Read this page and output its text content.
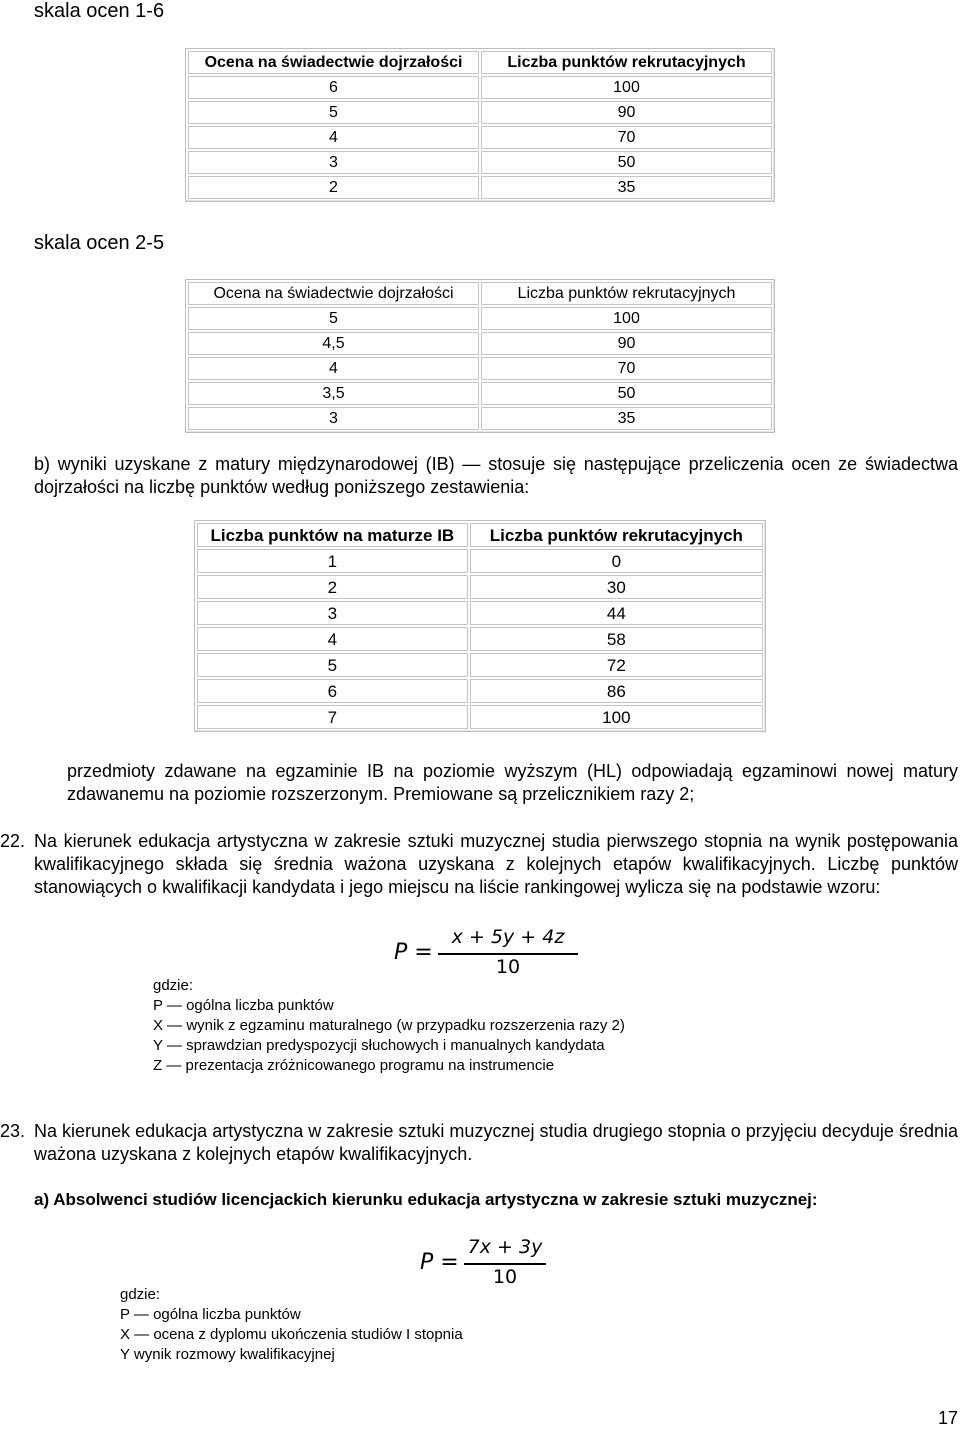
skala ocen 1-6
Ocena na świadectwie dojrzałości	Liczba punktów rekrutacyjnych
6	100
5	90
4	70
3	50
2	35
skala ocen 2-5
Ocena na świadectwie dojrzałości	Liczba punktów rekrutacyjnych
5	100
4,5	90
4	70
3,5	50
3	35
b) wyniki uzyskane z matury międzynarodowej (IB) — stosuje się następujące przeliczenia ocen ze świadectwa dojrzałości na liczbę punktów według poniższego zestawienia:
Liczba punktów na maturze IB	Liczba punktów rekrutacyjnych
1	0
2	30
3	44
4	58
5	72
6	86
7	100
przedmioty zdawane na egzaminie IB na poziomie wyższym (HL) odpowiadają egzaminowi nowej matury zdawanemu na poziomie rozszerzonym. Premiowane są przelicznikiem razy 2;
22. Na kierunek edukacja artystyczna w zakresie sztuki muzycznej studia pierwszego stopnia na wynik postępowania kwalifikacyjnego składa się średnia ważona uzyskana z kolejnych etapów kwalifikacyjnych. Liczbę punktów stanowiących o kwalifikacji kandydata i jego miejscu na liście rankingowej wylicza się na podstawie wzoru:

P =
x + 5y + 4z
10
gdzie:
P — ogólna liczba punktów
X — wynik z egzaminu maturalnego (w przypadku rozszerzenia razy 2)
Y — sprawdzian predyspozycji słuchowych i manualnych kandydata
Z — prezentacja zróżnicowanego programu na instrumencie
23. Na kierunek edukacja artystyczna w zakresie sztuki muzycznej studia drugiego stopnia o przyjęciu decyduje średnia ważona uzyskana z kolejnych etapów kwalifikacyjnych.

a) Absolwenci studiów licencjackich kierunku edukacja artystyczna w zakresie sztuki muzycznej:
P =
7x + 3y
10
gdzie:
P — ogólna liczba punktów
X — ocena z dyplomu ukończenia studiów I stopnia
Y wynik rozmowy kwalifikacyjnej
17
